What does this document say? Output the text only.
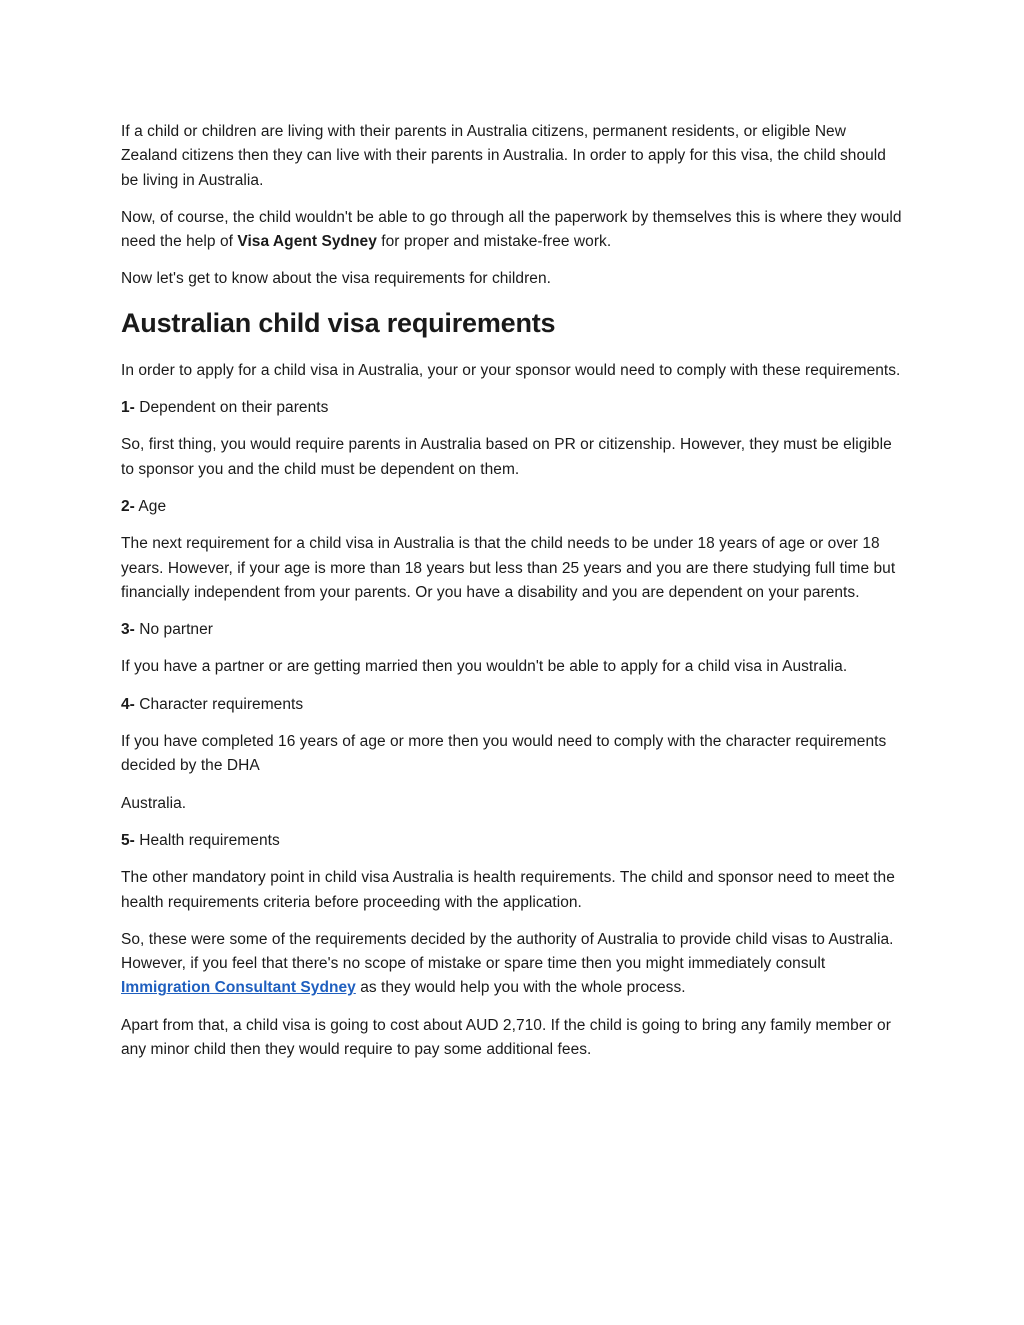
If a child or children are living with their parents in Australia citizens, permanent residents, or eligible New Zealand citizens then they can live with their parents in Australia. In order to apply for this visa, the child should be living in Australia.

Now, of course, the child wouldn't be able to go through all the paperwork by themselves this is where they would need the help of Visa Agent Sydney for proper and mistake-free work.

Now let's get to know about the visa requirements for children.

Australian child visa requirements

In order to apply for a child visa in Australia, your or your sponsor would need to comply with these requirements.

1- Dependent on their parents

So, first thing, you would require parents in Australia based on PR or citizenship. However, they must be eligible to sponsor you and the child must be dependent on them.

2- Age

The next requirement for a child visa in Australia is that the child needs to be under 18 years of age or over 18 years. However, if your age is more than 18 years but less than 25 years and you are there studying full time but financially independent from your parents. Or you have a disability and you are dependent on your parents.

3- No partner

If you have a partner or are getting married then you wouldn't be able to apply for a child visa in Australia.

4- Character requirements

If you have completed 16 years of age or more then you would need to comply with the character requirements decided by the DHA

Australia.

5- Health requirements

The other mandatory point in child visa Australia is health requirements. The child and sponsor need to meet the health requirements criteria before proceeding with the application.

So, these were some of the requirements decided by the authority of Australia to provide child visas to Australia. However, if you feel that there's no scope of mistake or spare time then you might immediately consult Immigration Consultant Sydney as they would help you with the whole process.

Apart from that, a child visa is going to cost about AUD 2,710. If the child is going to bring any family member or any minor child then they would require to pay some additional fees.
